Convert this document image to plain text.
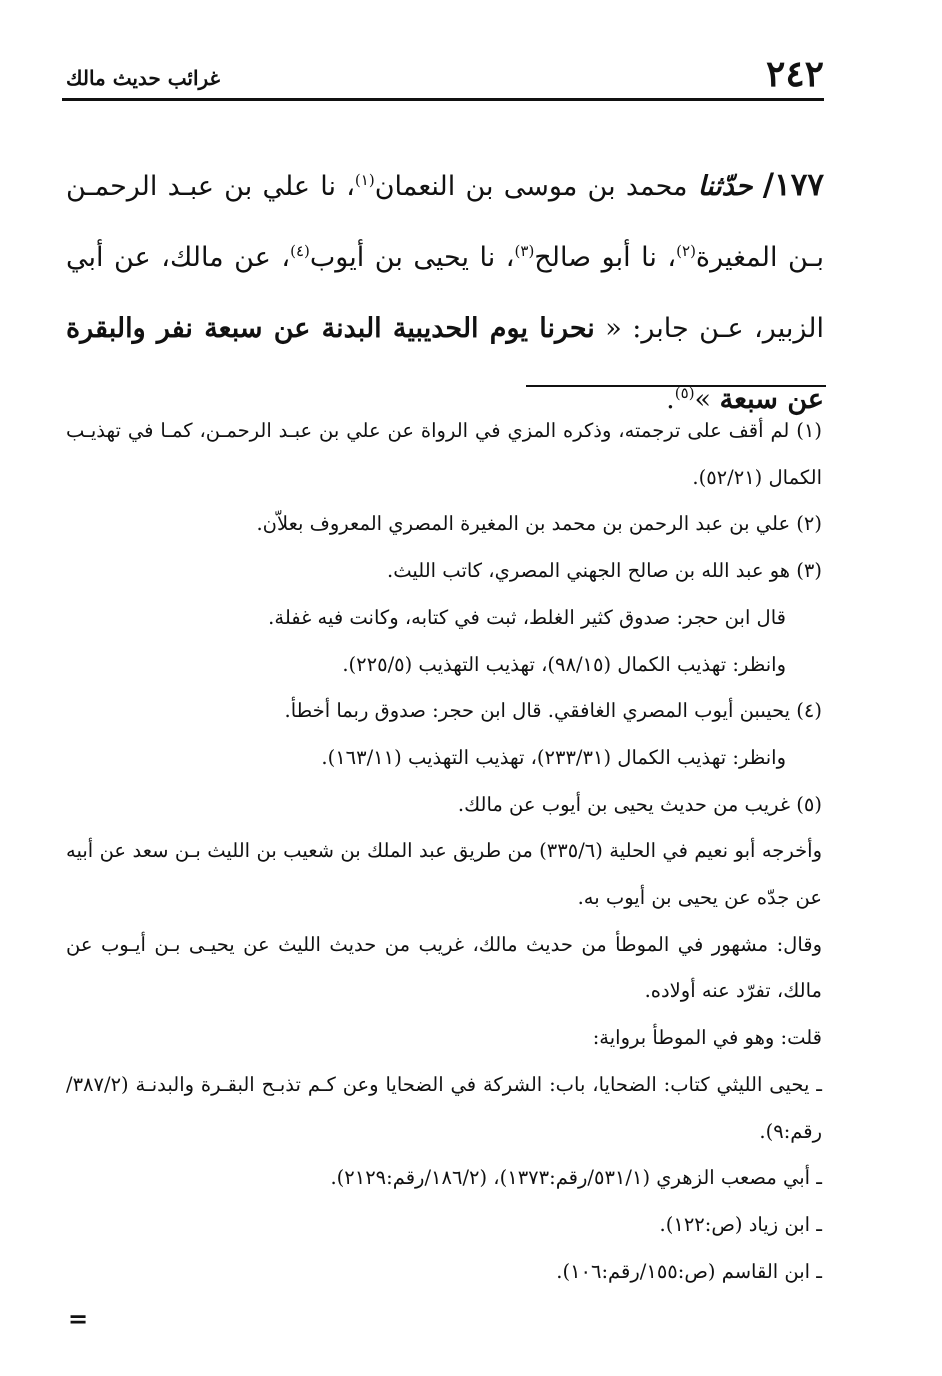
٢٤٢
غرائب حديث مالك

١٧٧/ حدّثنا محمد بن موسى بن النعمان$^{(١)}$، نا علي بن عبـد الرحمـن بـن المغيرة$^{(٢)}$، نا أبو صالح$^{(٣)}$، نا يحيى بن أيوب$^{(٤)}$، عن مالك، عن أبي الزبير، عـن جابر: « نحرنا يوم الحديبية البدنة عن سبعة نفر والبقرة عن سبعة »$^{(٥)}$.

(١) لم أقف على ترجمته، وذكره المزي في الرواة عن علي بن عبـد الرحمـن، كمـا في تهذيـب الكمال (٥٢/٢١).

(٢) علي بن عبد الرحمن بن محمد بن المغيرة المصري المعروف بعلاّن.

(٣) هو عبد الله بن صالح الجهني المصري، كاتب الليث.

قال ابن حجر: صدوق كثير الغلط، ثبت في كتابه، وكانت فيه غفلة.

وانظر: تهذيب الكمال (٩٨/١٥)، تهذيب التهذيب (٢٢٥/٥).

(٤) يحيىبن أيوب المصري الغافقي. قال ابن حجر: صدوق ربما أخطأ.

وانظر: تهذيب الكمال (٢٣٣/٣١)، تهذيب التهذيب (١٦٣/١١).

(٥) غريب من حديث يحيى بن أيوب عن مالك.

وأخرجه أبو نعيم في الحلية (٣٣٥/٦) من طريق عبد الملك بن شعيب بن الليث بـن سعد عن أبيه عن جدّه عن يحيى بن أيوب به.

وقال: مشهور في الموطأ من حديث مالك، غريب من حديث الليث عن يحيـى بـن أيـوب عن مالك، تفرّد عنه أولاده.

قلت: وهو في الموطأ برواية:

ـ يحيى الليثي كتاب: الضحايا، باب: الشركة في الضحايا وعن كـم تذبـح البقـرة والبدنـة (٣٨٧/٢/رقم:٩).

ـ أبي مصعب الزهري (٥٣١/١/رقم:١٣٧٣)، (١٨٦/٢/رقم:٢١٢٩).

ـ ابن زياد (ص:١٢٢).

ـ ابن القاسم (ص:١٥٥/رقم:١٠٦).

=
